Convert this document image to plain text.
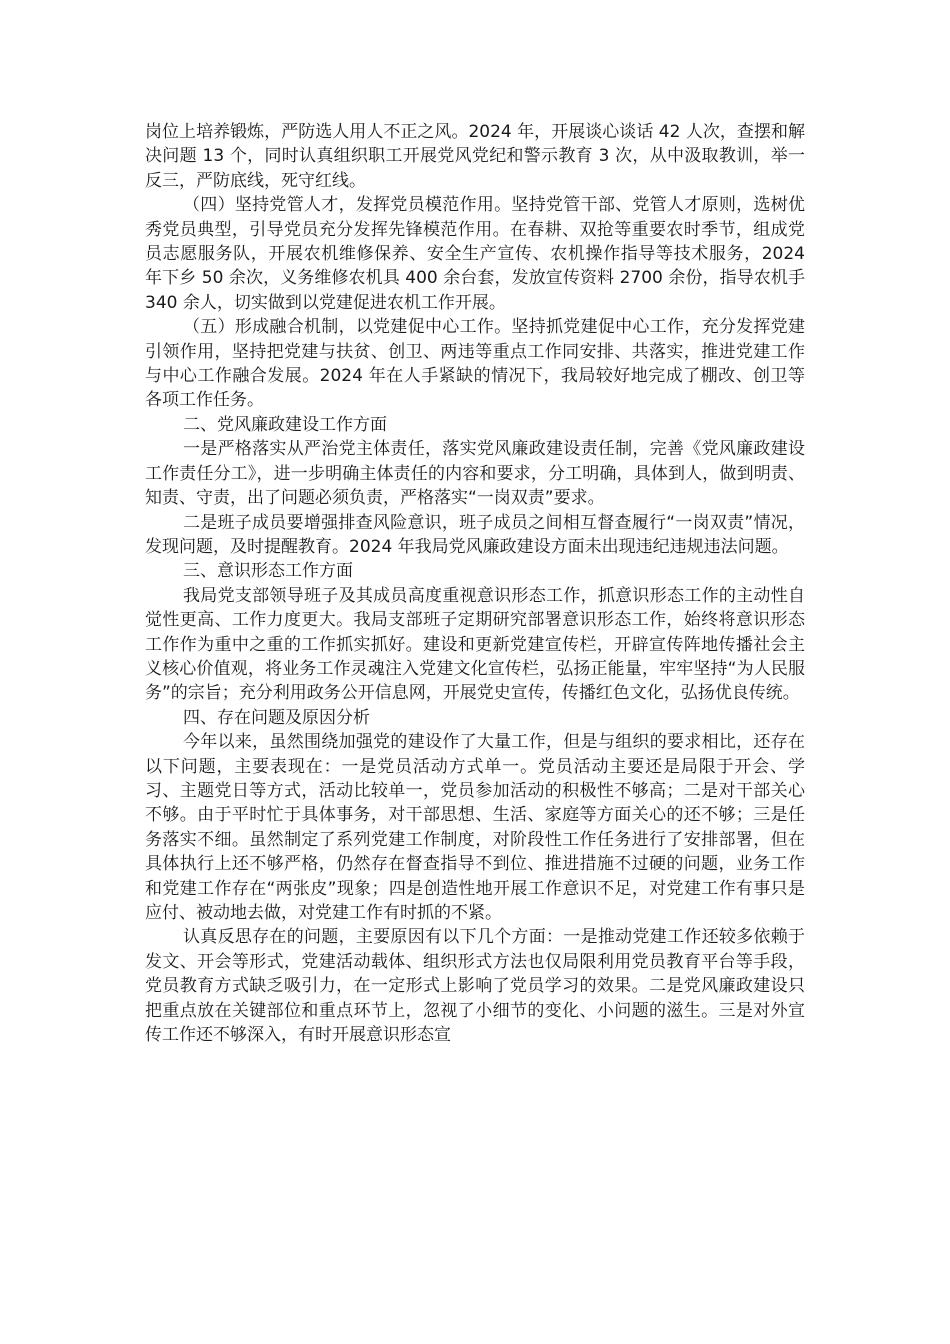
岗位上培养锻炼，严防选人用人不正之风。2024 年，开展谈心谈话 42 人次，查摆和解决问题 13 个，同时认真组织职工开展党风党纪和警示教育 3 次，从中汲取教训，举一反三，严防底线，死守红线。

（四）坚持党管人才，发挥党员模范作用。坚持党管干部、党管人才原则，选树优秀党员典型，引导党员充分发挥先锋模范作用。在春耕、双抢等重要农时季节，组成党员志愿服务队，开展农机维修保养、安全生产宣传、农机操作指导等技术服务，2024 年下乡 50 余次，义务维修农机具 400 余台套，发放宣传资料 2700 余份，指导农机手 340 余人，切实做到以党建促进农机工作开展。

（五）形成融合机制，以党建促中心工作。坚持抓党建促中心工作，充分发挥党建引领作用，坚持把党建与扶贫、创卫、两违等重点工作同安排、共落实，推进党建工作与中心工作融合发展。2024 年在人手紧缺的情况下，我局较好地完成了棚改、创卫等各项工作任务。

二、党风廉政建设工作方面

一是严格落实从严治党主体责任，落实党风廉政建设责任制，完善《党风廉政建设工作责任分工》，进一步明确主体责任的内容和要求，分工明确，具体到人，做到明责、知责、守责，出了问题必须负责，严格落实“一岗双责”要求。

二是班子成员要增强排查风险意识，班子成员之间相互督查履行“一岗双责”情况，发现问题，及时提醒教育。2024 年我局党风廉政建设方面未出现违纪违规违法问题。

三、意识形态工作方面

我局党支部领导班子及其成员高度重视意识形态工作，抓意识形态工作的主动性自觉性更高、工作力度更大。我局支部班子定期研究部署意识形态工作，始终将意识形态工作作为重中之重的工作抓实抓好。建设和更新党建宣传栏，开辟宣传阵地传播社会主义核心价值观，将业务工作灵魂注入党建文化宣传栏，弘扬正能量，牢牢坚持“为人民服务”的宗旨；充分利用政务公开信息网，开展党史宣传，传播红色文化，弘扬优良传统。

四、存在问题及原因分析

今年以来，虽然围绕加强党的建设作了大量工作，但是与组织的要求相比，还存在以下问题，主要表现在：一是党员活动方式单一。党员活动主要还是局限于开会、学习、主题党日等方式，活动比较单一，党员参加活动的积极性不够高；二是对干部关心不够。由于平时忙于具体事务，对干部思想、生活、家庭等方面关心的还不够；三是任务落实不细。虽然制定了系列党建工作制度，对阶段性工作任务进行了安排部署，但在具体执行上还不够严格，仍然存在督查指导不到位、推进措施不过硬的问题，业务工作和党建工作存在“两张皮”现象；四是创造性地开展工作意识不足，对党建工作有事只是应付、被动地去做，对党建工作有时抓的不紧。

认真反思存在的问题，主要原因有以下几个方面：一是推动党建工作还较多依赖于发文、开会等形式，党建活动载体、组织形式方法也仅局限利用党员教育平台等手段，党员教育方式缺乏吸引力，在一定形式上影响了党员学习的效果。二是党风廉政建设只把重点放在关键部位和重点环节上，忽视了小细节的变化、小问题的滋生。三是对外宣传工作还不够深入，有时开展意识形态宣
